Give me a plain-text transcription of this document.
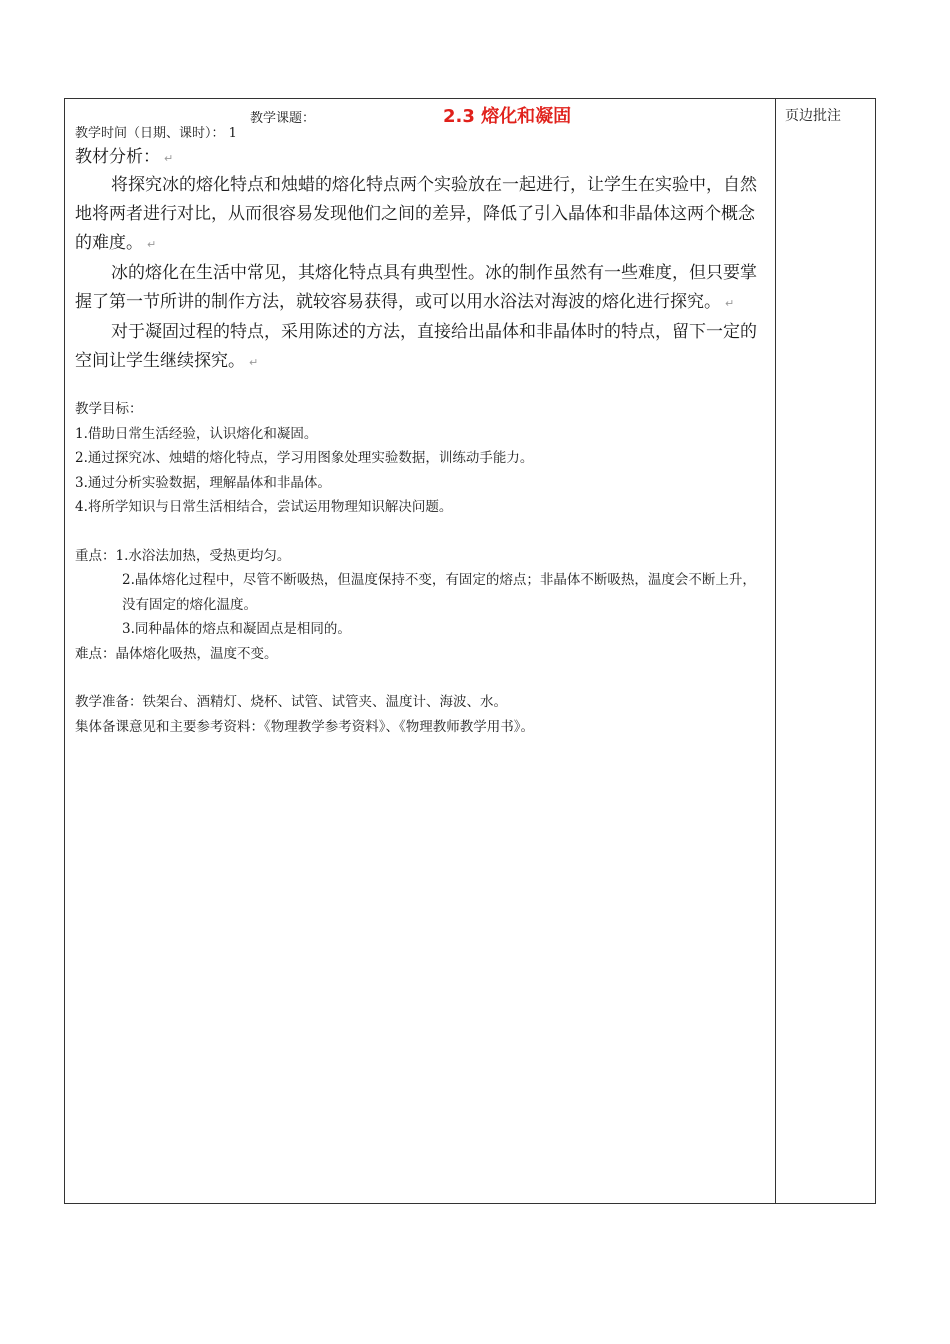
页边批注
教学课题：	2.3 熔化和凝固
教学时间（日期、课时）： 1
教材分析： ↵

将探究冰的熔化特点和烛蜡的熔化特点两个实验放在一起进行，让学生在实验中，自然地将两者进行对比，从而很容易发现他们之间的差异，降低了引入晶体和非晶体这两个概念的难度。 ↵

冰的熔化在生活中常见，其熔化特点具有典型性。冰的制作虽然有一些难度，但只要掌握了第一节所讲的制作方法，就较容易获得，或可以用水浴法对海波的熔化进行探究。 ↵

对于凝固过程的特点，采用陈述的方法，直接给出晶体和非晶体时的特点，留下一定的空间让学生继续探究。 ↵

教学目标：

1.借助日常生活经验，认识熔化和凝固。

2.通过探究冰、烛蜡的熔化特点，学习用图象处理实验数据，训练动手能力。

3.通过分析实验数据，理解晶体和非晶体。

4.将所学知识与日常生活相结合，尝试运用物理知识解决问题。

重点：1.水浴法加热，受热更均匀。

2.晶体熔化过程中，尽管不断吸热，但温度保持不变，有固定的熔点；非晶体不断吸热，温度会不断上升，没有固定的熔化温度。

3.同种晶体的熔点和凝固点是相同的。

难点：晶体熔化吸热，温度不变。

教学准备：铁架台、酒精灯、烧杯、试管、试管夹、温度计、海波、水。

集体备课意见和主要参考资料：《物理教学参考资料》、《物理教师教学用书》。
